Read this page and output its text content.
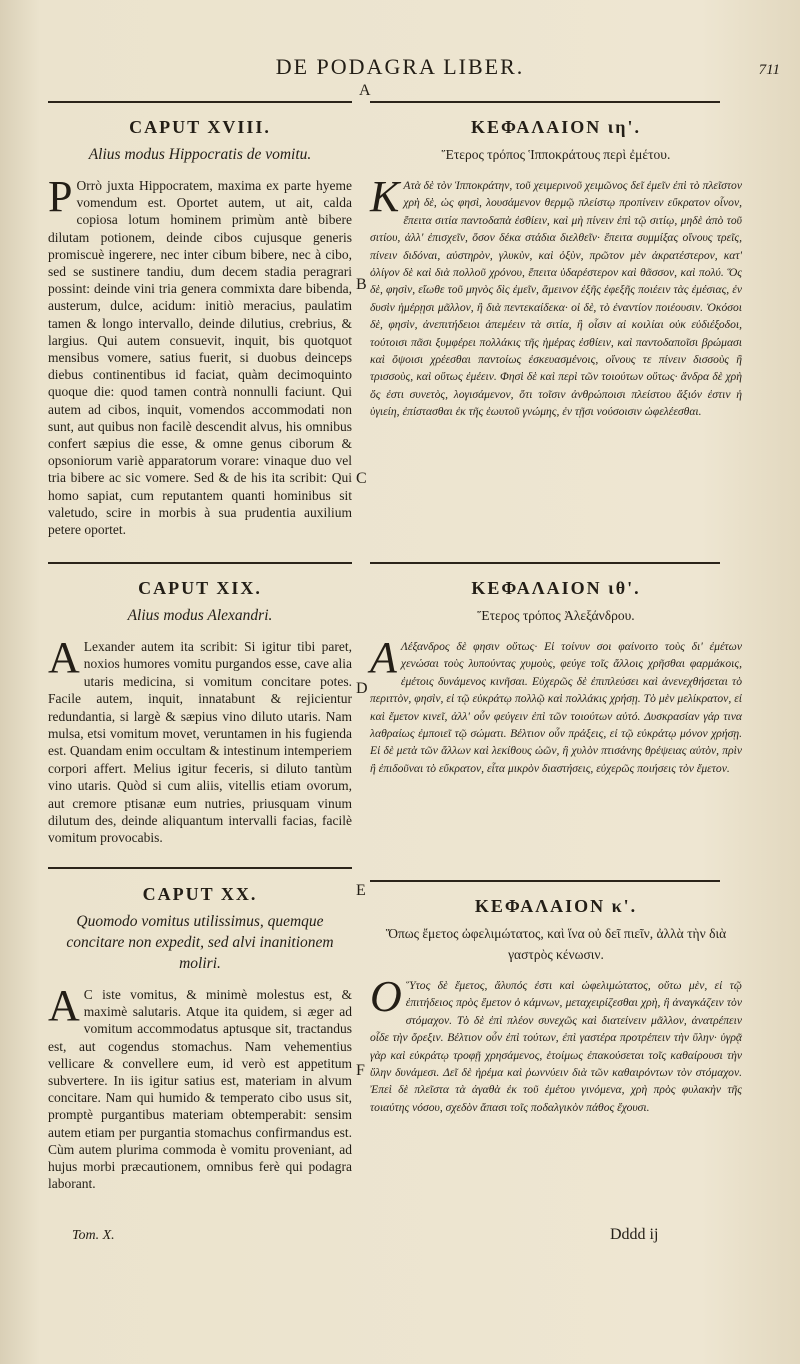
DE PODAGRA LIBER.	711
A
B
C
D
E
F
CAPUT XVIII.

Alius modus Hippocratis de vomitu.

P Orrò juxta Hippocratem, maxima ex parte hyeme vomendum est. Oportet autem, ut ait, calda copiosa lotum hominem primùm antè bibere dilutam potionem, deinde cibos cujusque generis promiscuè ingerere, nec inter cibum bibere, nec à cibo, sed se sustinere tandiu, dum decem stadia peragrari possint: deinde vini tria genera commixta dare bibenda, austerum, dulce, acidum: initiò meracius, paulatim tamen & longo intervallo, deinde dilutius, crebrius, & largius. Qui autem consuevit, inquit, bis quotquot mensibus vomere, satius fuerit, si duobus deinceps diebus continentibus id faciat, quàm decimoquinto quoque die: quod tamen contrà nonnulli faciunt. Qui autem ad cibos, inquit, vomendos accommodati non sunt, aut quibus non facilè descendit alvus, his omnibus confert sæpius die esse, & omne genus ciborum & opsoniorum variè apparatorum vorare: vinaque duo vel tria bibere ac sic vomere. Sed & de his ita scribit: Qui homo sapiat, cum reputantem quanti hominibus sit valetudo, scire in morbis à sua prudentia auxilium petere oportet.

CAPUT XIX.

Alius modus Alexandri.

A Lexander autem ita scribit: Si igitur tibi paret, noxios humores vomitu purgandos esse, cave alia utaris medicina, si vomitum concitare potes. Facile autem, inquit, innatabunt & rejicientur redundantia, si largè & sæpius vino diluto utaris. Nam mulsa, etsi vomitum movet, veruntamen in his fugienda est. Quandam enim occultam & intestinum intemperiem corpori affert. Melius igitur feceris, si diluto tantùm vino utaris. Quòd si cum aliis, vitellis etiam ovorum, aut cremore ptisanæ eum nutries, priusquam vinum dilutum des, deinde aliquantum intervalli facias, facilè vomitum provocabis.

CAPUT XX.

Quomodo vomitus utilissimus, quemque concitare non expedit, sed alvi inanitionem moliri.

A C iste vomitus, & minimè molestus est, & maximè salutaris. Atque ita quidem, si æger ad vomitum accommodatus aptusque sit, tractandus est, aut cogendus stomachus. Nam vehementius vellicare & convellere eum, id verò est appetitum subvertere. In iis igitur satius est, materiam in alvum concitare. Nam qui humido & temperato cibo usus sit, promptè purgantibus materiam obtemperabit: sensim autem etiam per purgantia stomachus confirmandus est. Cùm autem plurima commoda è vomitu proveniant, ad hujus morbi præcautionem, omnibus ferè qui podagra laborant.

ΚΕΦΑΛΑΙΟΝ ιη'.

Ἕτερος τρόπος Ἱπποκράτους περὶ ἐμέτου.

Κ Ατὰ δὲ τὸν Ἱπποκράτην, τοῦ χειμερινοῦ χειμῶνος δεῖ ἐμεῖν ἐπὶ τὸ πλεῖστον χρὴ δὲ, ὡς φησὶ, λουσάμενον θερμῷ πλείστῳ προπίνειν εὔκρατον οἶνον, ἔπειτα σιτία παντοδαπὰ ἐσθίειν, καὶ μὴ πίνειν ἐπὶ τῷ σιτίῳ, μηδὲ ἀπὸ τοῦ σιτίου, ἀλλ' ἐπισχεῖν, ὅσον δέκα στάδια διελθεῖν· ἔπειτα συμμίξας οἴνους τρεῖς, πίνειν διδόναι, αὐστηρὸν, γλυκὺν, καὶ ὀξὺν, πρῶτον μὲν ἀκρατέστερον, κατ' ὀλίγον δὲ καὶ διὰ πολλοῦ χρόνου, ἔπειτα ὑδαρέστερον καὶ θᾶσσον, καὶ πολύ. Ὅς δὲ, φησὶν, εἴωθε τοῦ μηνὸς δὶς ἐμεῖν, ἄμεινον ἐξῆς ἐφεξῆς ποιέειν τὰς ἐμέσιας, ἐν δυσὶν ἡμέρῃσι μᾶλλον, ἢ διὰ πεντεκαίδεκα· οἱ δὲ, τὸ ἐναντίον ποιέουσιν. Ὁκόσοι δὲ, φησὶν, ἀνεπιτήδειοι ἀπεμέειν τὰ σιτία, ἢ οἷσιν αἱ κοιλίαι οὐκ εὐδιέξοδοι, τούτοισι πᾶσι ξυμφέρει πολλάκις τῆς ἡμέρας ἐσθίειν, καὶ παντοδαποῖσι βρώμασι καὶ ὄψοισι χρέεσθαι παντοίως ἐσκευασμένοις, οἴνους τε πίνειν δισσοὺς ἢ τρισσοὺς, καὶ οὕτως ἐμέειν. Φησὶ δὲ καὶ περὶ τῶν τοιούτων οὕτως· ἄνδρα δὲ χρὴ ὅς ἐστι συνετὸς, λογισάμενον, ὅτι τοῖσιν ἀνθρώποισι πλείστου ἄξιόν ἐστιν ἡ ὑγιείη, ἐπίστασθαι ἐκ τῆς ἑωυτοῦ γνώμης, ἐν τῇσι νούσοισιν ὠφελέεσθαι.

ΚΕΦΑΛΑΙΟΝ ιθ'.

Ἕτερος τρόπος Ἀλεξάνδρου.

Α Λέξανδρος δὲ φησιν οὕτως· Εἰ τοίνυν σοι φαίνοιτο τοὺς δι' ἐμέτων χενώσαι τοὺς λυπούντας χυμοὺς, φεύγε τοῖς ἄλλοις χρῆσθαι φαρμάκοις, ἐμέτοις δυνάμενος κινῆσαι. Εὐχερῶς δὲ ἐπιπλεύσει καὶ ἀνενεχθήσεται τὸ περιττὸν, φησὶν, εἰ τῷ εὐκράτῳ πολλῷ καὶ πολλάκις χρήσῃ. Τὸ μὲν μελίκρατον, εἰ καὶ ἔμετον κινεῖ, ἀλλ' οὖν φεύγειν ἐπὶ τῶν τοιούτων αὐτό. Δυσκρασίαν γάρ τινα λαθραίως ἐμποιεῖ τῷ σώματι. Βέλτιον οὖν πράξεις, εἰ τῷ εὐκράτῳ μόνον χρήσῃ. Εἰ δὲ μετὰ τῶν ἄλλων καὶ λεκίθους ὠῶν, ἢ χυλὸν πτισάνης θρέψειας αὐτὸν, πρὶν ἢ ἐπιδοῦναι τὸ εὔκρατον, εἶτα μικρὸν διαστήσεις, εὐχερῶς ποιήσεις τὸν ἔμετον.

ΚΕΦΑΛΑΙΟΝ κ'.

Ὅπως ἔμετος ὠφελιμώτατος, καὶ ἵνα οὐ δεῖ πιεῖν, ἀλλὰ τὴν διὰ γαστρὸς κένωσιν.

Ο Ὕτος δὲ ἔμετος, ἄλυπός ἐστι καὶ ὠφελιμώτατος, οὕτω μὲν, εἰ τῷ ἐπιτήδειος πρὸς ἔμετον ὁ κάμνων, μεταχειρίζεσθαι χρὴ, ἢ ἀναγκάζειν τὸν στόμαχον. Τὸ δὲ ἐπὶ πλέον συνεχῶς καὶ διατείνειν μᾶλλον, ἀνατρέπειν οἶδε τὴν ὄρεξιν. Βέλτιον οὖν ἐπὶ τούτων, ἐπὶ γαστέρα προτρέπειν τὴν ὕλην· ὑγρᾷ γὰρ καὶ εὐκράτῳ τροφῇ χρησάμενος, ἑτοίμως ἐπακούσεται τοῖς καθαίρουσι τὴν ὕλην δυνάμεσι. Δεῖ δὲ ἠρέμα καὶ ῥωννύειν διὰ τῶν καθαιρόντων τὸν στόμαχον. Ἐπεὶ δὲ πλεῖστα τὰ ἀγαθὰ ἐκ τοῦ ἐμέτου γινόμενα, χρὴ πρὸς φυλακὴν τῆς τοιαύτης νόσου, σχεδὸν ἅπασι τοῖς ποδαλγικὸν πάθος ἔχουσι.

Tom. X.	Dddd ij
